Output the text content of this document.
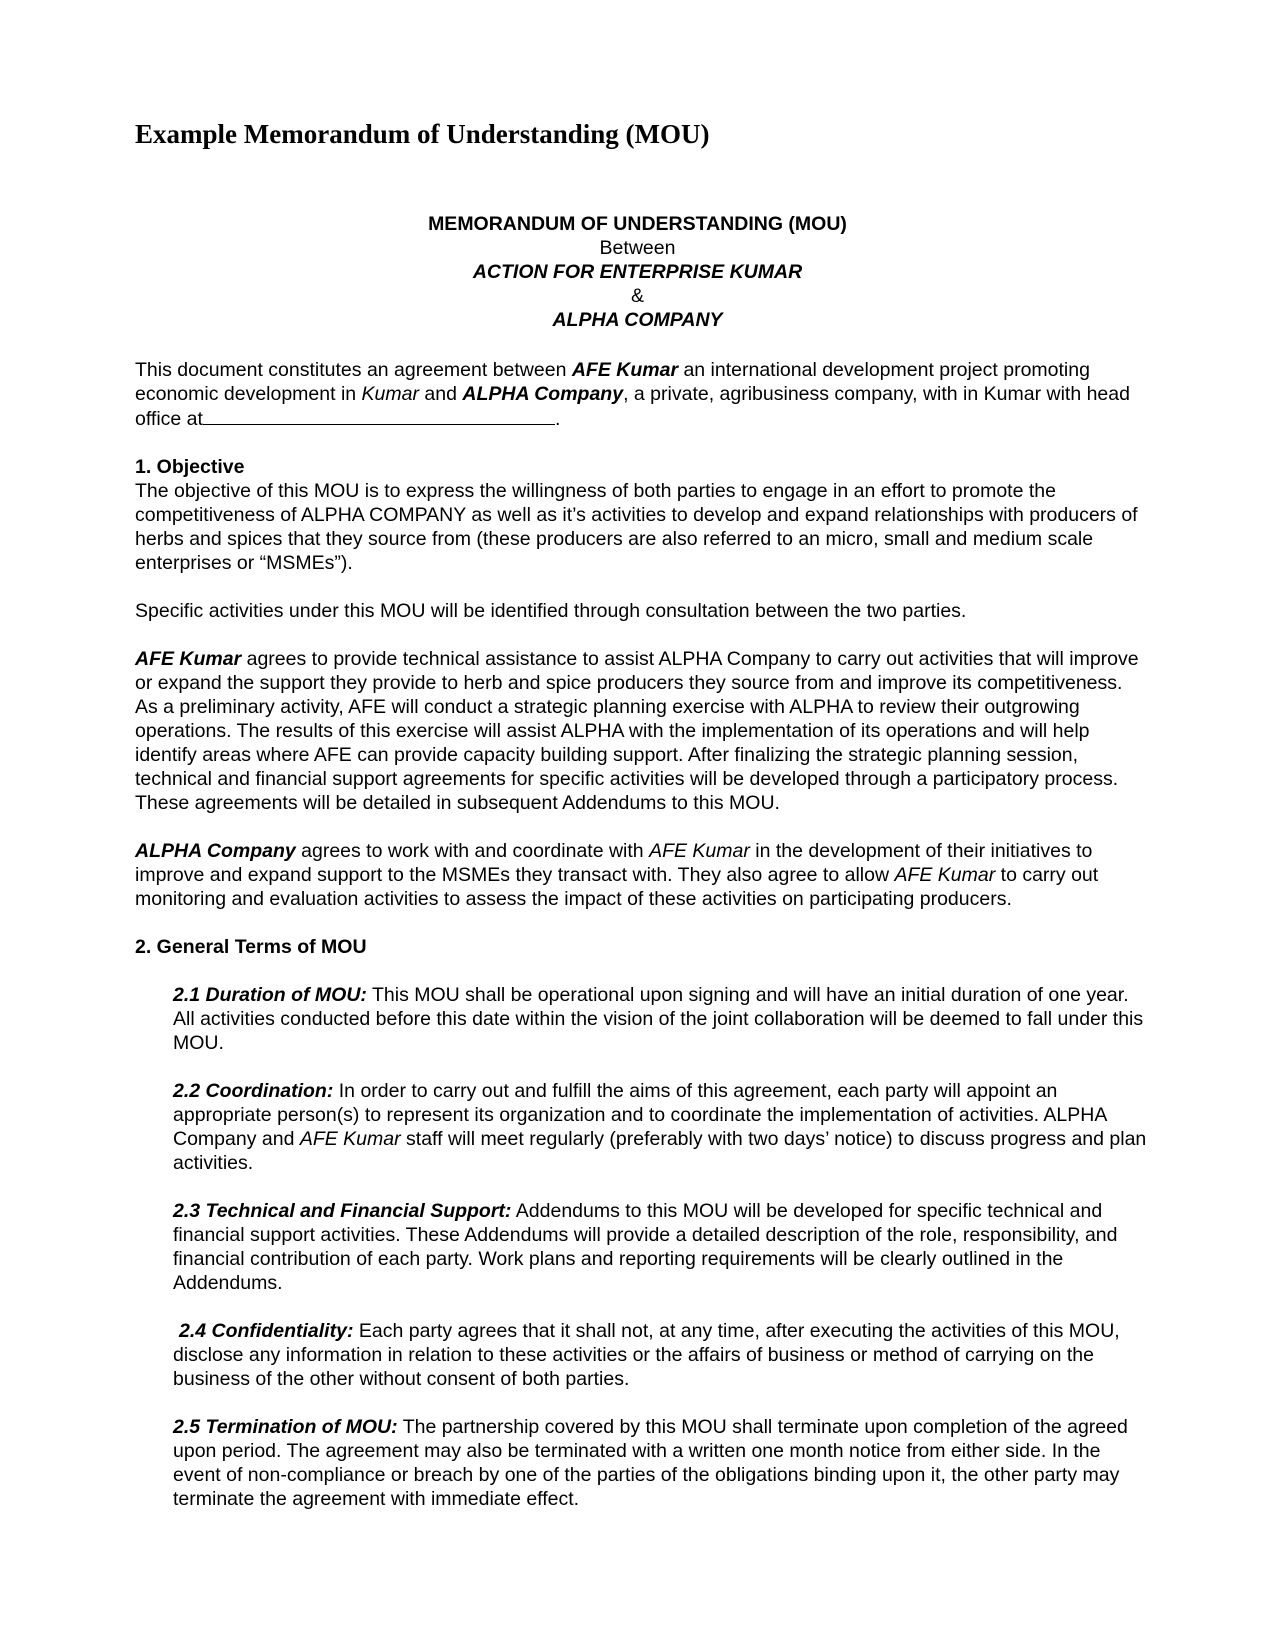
Example Memorandum of Understanding (MOU)
MEMORANDUM OF UNDERSTANDING (MOU)
Between
ACTION FOR ENTERPRISE KUMAR
&
ALPHA COMPANY

This document constitutes an agreement between AFE Kumar an international development project promoting economic development in Kumar and ALPHA Company, a private, agribusiness company, with in Kumar with head office at	.

1. Objective

The objective of this MOU is to express the willingness of both parties to engage in an effort to promote the competitiveness of ALPHA COMPANY as well as it’s activities to develop and expand relationships with producers of herbs and spices that they source from (these producers are also referred to an micro, small and medium scale enterprises or “MSMEs”).

Specific activities under this MOU will be identified through consultation between the two parties.

AFE Kumar agrees to provide technical assistance to assist ALPHA Company to carry out activities that will improve or expand the support they provide to herb and spice producers they source from and improve its competitiveness. As a preliminary activity, AFE will conduct a strategic planning exercise with ALPHA to review their outgrowing operations. The results of this exercise will assist ALPHA with the implementation of its operations and will help identify areas where AFE can provide capacity building support. After finalizing the strategic planning session, technical and financial support agreements for specific activities will be developed through a participatory process. These agreements will be detailed in subsequent Addendums to this MOU.

ALPHA Company agrees to work with and coordinate with AFE Kumar in the development of their initiatives to improve and expand support to the MSMEs they transact with. They also agree to allow AFE Kumar to carry out monitoring and evaluation activities to assess the impact of these activities on participating producers.

2. General Terms of MOU

2.1 Duration of MOU: This MOU shall be operational upon signing and will have an initial duration of one year. All activities conducted before this date within the vision of the joint collaboration will be deemed to fall under this MOU.

2.2 Coordination: In order to carry out and fulfill the aims of this agreement, each party will appoint an appropriate person(s) to represent its organization and to coordinate the implementation of activities. ALPHA Company and AFE Kumar staff will meet regularly (preferably with two days’ notice) to discuss progress and plan activities.

2.3 Technical and Financial Support: Addendums to this MOU will be developed for specific technical and financial support activities. These Addendums will provide a detailed description of the role, responsibility, and financial contribution of each party. Work plans and reporting requirements will be clearly outlined in the Addendums.

2.4 Confidentiality: Each party agrees that it shall not, at any time, after executing the activities of this MOU, disclose any information in relation to these activities or the affairs of business or method of carrying on the business of the other without consent of both parties.

2.5 Termination of MOU: The partnership covered by this MOU shall terminate upon completion of the agreed upon period. The agreement may also be terminated with a written one month notice from either side. In the event of non-compliance or breach by one of the parties of the obligations binding upon it, the other party may terminate the agreement with immediate effect.
